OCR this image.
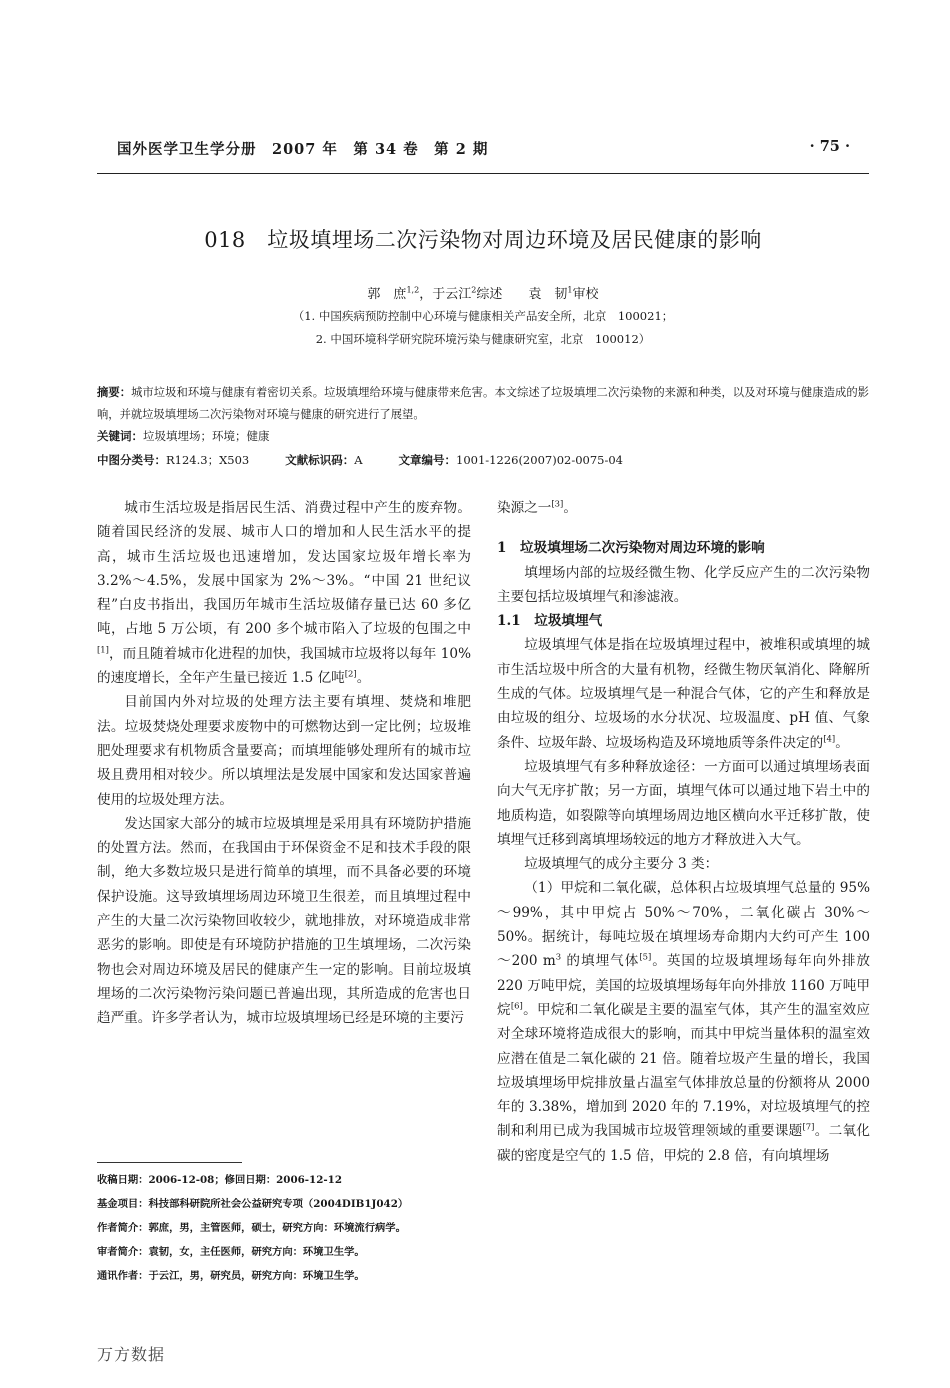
国外医学卫生学分册　2007 年　第 34 卷　第 2 期	· 75 ·
018　垃圾填埋场二次污染物对周边环境及居民健康的影响
郭　庶$^{1,2}$，于云江$^2$综述　　袁　韧$^1$审校
（1. 中国疾病预防控制中心环境与健康相关产品安全所，北京　100021；
2. 中国环境科学研究院环境污染与健康研究室，北京　100012）
摘要：城市垃圾和环境与健康有着密切关系。垃圾填埋给环境与健康带来危害。本文综述了垃圾填埋二次污染物的来源和种类，以及对环境与健康造成的影响，并就垃圾填埋场二次污染物对环境与健康的研究进行了展望。
关键词：垃圾填埋场；环境；健康
中图分类号：R124.3；X503	文献标识码：A	文章编号：1001-1226(2007)02-0075-04

城市生活垃圾是指居民生活、消费过程中产生的废弃物。随着国民经济的发展、城市人口的增加和人民生活水平的提高，城市生活垃圾也迅速增加，发达国家垃圾年增长率为 3.2%～4.5%，发展中国家为 2%～3%。“中国 21 世纪议程”白皮书指出，我国历年城市生活垃圾储存量已达 60 多亿吨，占地 5 万公顷，有 200 多个城市陷入了垃圾的包围之中[1]，而且随着城市化进程的加快，我国城市垃圾将以每年 10% 的速度增长，全年产生量已接近 1.5 亿吨[2]。

目前国内外对垃圾的处理方法主要有填埋、焚烧和堆肥法。垃圾焚烧处理要求废物中的可燃物达到一定比例；垃圾堆肥处理要求有机物质含量要高；而填埋能够处理所有的城市垃圾且费用相对较少。所以填埋法是发展中国家和发达国家普遍使用的垃圾处理方法。

发达国家大部分的城市垃圾填埋是采用具有环境防护措施的处置方法。然而，在我国由于环保资金不足和技术手段的限制，绝大多数垃圾只是进行简单的填埋，而不具备必要的环境保护设施。这导致填埋场周边环境卫生很差，而且填埋过程中产生的大量二次污染物回收较少，就地排放，对环境造成非常恶劣的影响。即使是有环境防护措施的卫生填埋场，二次污染物也会对周边环境及居民的健康产生一定的影响。目前垃圾填埋场的二次污染物污染问题已普遍出现，其所造成的危害也日趋严重。许多学者认为，城市垃圾填埋场已经是环境的主要污

染源之一[3]。

1　垃圾填埋场二次污染物对周边环境的影响

填埋场内部的垃圾经微生物、化学反应产生的二次污染物主要包括垃圾填埋气和渗滤液。

1.1　垃圾填埋气

垃圾填埋气体是指在垃圾填埋过程中，被堆积或填埋的城市生活垃圾中所含的大量有机物，经微生物厌氧消化、降解所生成的气体。垃圾填埋气是一种混合气体，它的产生和释放是由垃圾的组分、垃圾场的水分状况、垃圾温度、pH 值、气象条件、垃圾年龄、垃圾场构造及环境地质等条件决定的[4]。

垃圾填埋气有多种释放途径：一方面可以通过填埋场表面向大气无序扩散；另一方面，填埋气体可以通过地下岩土中的地质构造，如裂隙等向填埋场周边地区横向水平迁移扩散，使填埋气迁移到离填埋场较远的地方才释放进入大气。

垃圾填埋气的成分主要分 3 类：

（1）甲烷和二氧化碳，总体积占垃圾填埋气总量的 95%～99%，其中甲烷占 50%～70%，二氧化碳占 30%～50%。据统计，每吨垃圾在填埋场寿命期内大约可产生 100～200 $m^3$ 的填埋气体[5]。英国的垃圾填埋场每年向外排放 220 万吨甲烷，美国的垃圾填埋场每年向外排放 1160 万吨甲烷[6]。甲烷和二氧化碳是主要的温室气体，其产生的温室效应对全球环境将造成很大的影响，而其中甲烷当量体积的温室效应潜在值是二氧化碳的 21 倍。随着垃圾产生量的增长，我国垃圾填埋场甲烷排放量占温室气体排放总量的份额将从 2000 年的 3.38%，增加到 2020 年的 7.19%，对垃圾填埋气的控制和利用已成为我国城市垃圾管理领域的重要课题[7]。二氧化碳的密度是空气的 1.5 倍，甲烷的 2.8 倍，有向填埋场

收稿日期：2006-12-08；修回日期：2006-12-12
基金项目：科技部科研院所社会公益研究专项（2004DIB1J042）
作者简介：郭庶，男，主管医师，硕士，研究方向：环境流行病学。
审者简介：袁韧，女，主任医师，研究方向：环境卫生学。
通讯作者：于云江，男，研究员，研究方向：环境卫生学。
万方数据
